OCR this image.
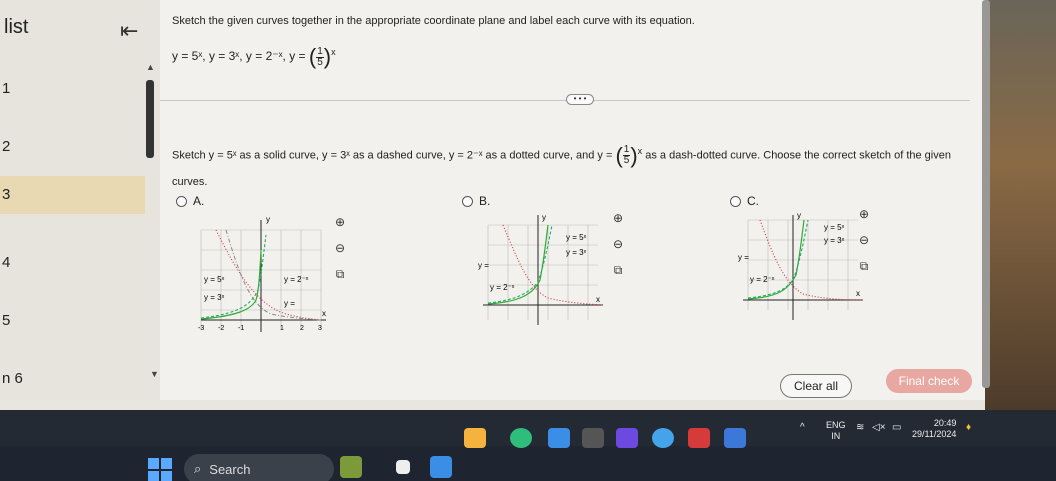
list	⇤
▲
1
2
3
4
5
n 6	▼
Sketch the given curves together in the appropriate coordinate plane and label each curve with its equation.
y = 5ˣ, y = 3ˣ, y = 2⁻ˣ, y = ( $\frac{1}{5} )^x$
• • •
Sketch y = 5ˣ as a solid curve, y = 3ˣ as a dashed curve, y = 2⁻ˣ as a dotted curve, and y = ( $\frac{1}{5} )^x$ as a dash-dotted curve. Choose the correct sketch of the given
curves.
A.
y = 5ˣ
y = 3ˣ
y = 2⁻ˣ
y =
y
x
-3 -2 -1	1 2 3
⊕
⊖
⧉
B.
y = 5ˣ
y = 3ˣ
y = 2⁻ˣ
y =
y
x
⊕
⊖
⧉
C.
y = 5ˣ
y = 3ˣ
y = 2⁻ˣ
y =
y
x
⊕
⊖
⧉
Clear all	Final check
^ ENG
IN
≋ ◁× ▭	20:49
29/11/2024
♦
⌕ Search
